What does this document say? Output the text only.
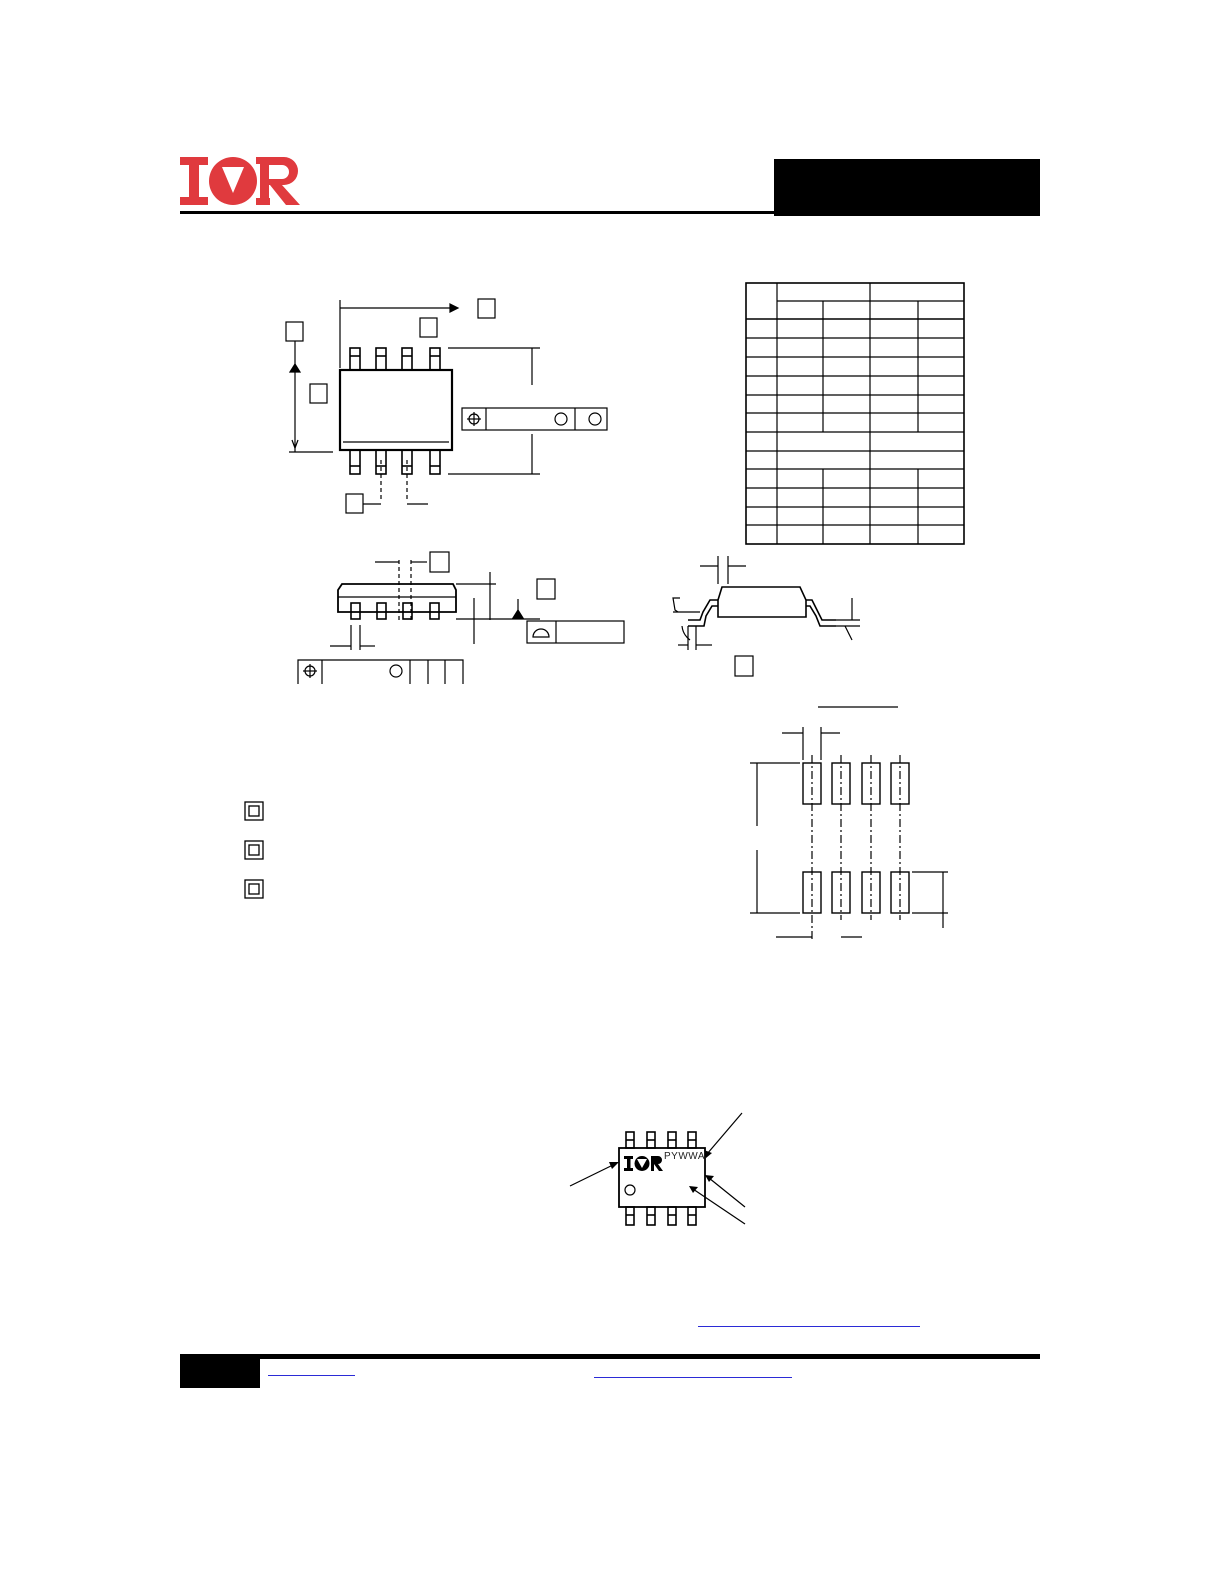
PYWWA
